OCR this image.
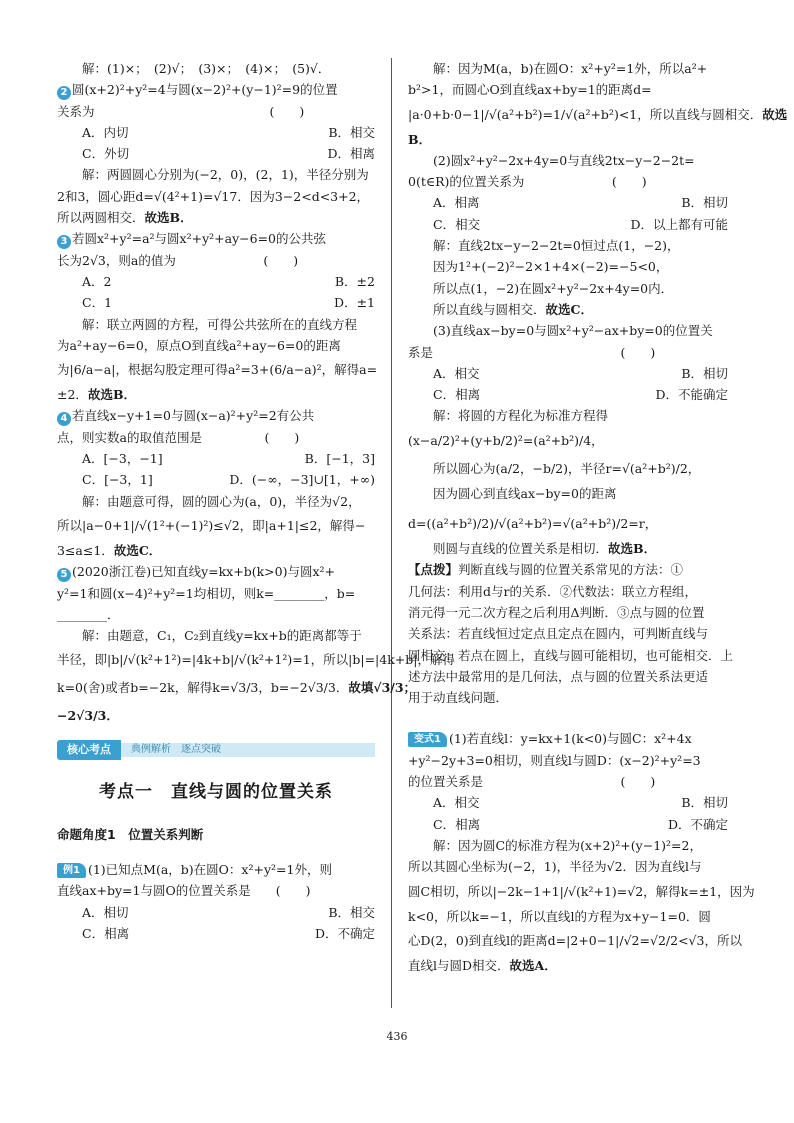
解：(1)×；　(2)√；　(3)×；　(4)×；　(5)√．
2 圆(x+2)²+y²=4与圆(x−2)²+(y−1)²=9的位置
关系为　　　　　　　　　　　　　　(　　)
A．内切	B．相交
C．外切	D．相离
解：两圆圆心分别为(−2，0)，(2，1)，半径分别为
2和3，圆心距d=√(4²+1)=√17．因为3−2<d<3+2，
所以两圆相交．故选B．
3 若圆x²+y²=a²与圆x²+y²+ay−6=0的公共弦
长为2√3，则a的值为　　　　　　　(　　)
A．2	B．±2
C．1	D．±1
解：联立两圆的方程，可得公共弦所在的直线方程
为a²+ay−6=0，原点O到直线a²+ay−6=0的距离
为|6/a−a|，根据勾股定理可得a²=3+(6/a−a)²，解得a=
±2．故选B．
4 若直线x−y+1=0与圆(x−a)²+y²=2有公共
点，则实数a的取值范围是　　　　　(　　)
A．[−3，−1]	B．[−1，3]
C．[−3，1]	D．(−∞，−3]∪[1，+∞)
解：由题意可得，圆的圆心为(a，0)，半径为√2，
所以|a−0+1|/√(1²+(−1)²)≤√2，即|a+1|≤2，解得−
3≤a≤1．故选C．
5 (2020浙江卷)已知直线y=kx+b(k>0)与圆x²+
y²=1和圆(x−4)²+y²=1均相切，则k=________，b=
________．
解：由题意，C₁，C₂到直线y=kx+b的距离都等于
半径，即|b|/√(k²+1²)=|4k+b|/√(k²+1²)=1，所以|b|=|4k+b|，解得
k=0(舍)或者b=−2k，解得k=√3/3，b=−2√3/3．故填√3/3；
−2√3/3．
核心考点	典例解析　逐点突破
考点一　直线与圆的位置关系
命题角度1　位置关系判断
例1 (1)已知点M(a，b)在圆O：x²+y²=1外，则
直线ax+by=1与圆O的位置关系是　　(　　)
A．相切	B．相交
C．相离	D．不确定
解：因为M(a，b)在圆O：x²+y²=1外，所以a²+
b²>1，而圆心O到直线ax+by=1的距离d=
|a·0+b·0−1|/√(a²+b²)=1/√(a²+b²)<1，所以直线与圆相交．故选
B．
(2)圆x²+y²−2x+4y=0与直线2tx−y−2−2t=
0(t∈R)的位置关系为　　　　　　　(　　)
A．相离	B．相切
C．相交	D．以上都有可能
解：直线2tx−y−2−2t=0恒过点(1，−2)，
因为1²+(−2)²−2×1+4×(−2)=−5<0，
所以点(1，−2)在圆x²+y²−2x+4y=0内．
所以直线与圆相交．故选C．
(3)直线ax−by=0与圆x²+y²−ax+by=0的位置关
系是　　　　　　　　　　　　　　　(　　)
A．相交	B．相切
C．相离	D．不能确定
解：将圆的方程化为标准方程得
(x−a/2)²+(y+b/2)²=(a²+b²)/4，
所以圆心为(a/2，−b/2)，半径r=√(a²+b²)/2，
因为圆心到直线ax−by=0的距离
d=((a²+b²)/2)/√(a²+b²)=√(a²+b²)/2=r，
则圆与直线的位置关系是相切．故选B．
【点拨】判断直线与圆的位置关系常见的方法：①
几何法：利用d与r的关系．②代数法：联立方程组，
消元得一元二次方程之后利用Δ判断．③点与圆的位置
关系法：若直线恒过定点且定点在圆内，可判断直线与
圆相交；若点在圆上，直线与圆可能相切，也可能相交．上
述方法中最常用的是几何法，点与圆的位置关系法更适
用于动直线问题．
变式1 (1)若直线l：y=kx+1(k<0)与圆C：x²+4x
+y²−2y+3=0相切，则直线l与圆D：(x−2)²+y²=3
的位置关系是　　　　　　　　　　　(　　)
A．相交	B．相切
C．相离	D．不确定
解：因为圆C的标准方程为(x+2)²+(y−1)²=2，
所以其圆心坐标为(−2，1)，半径为√2．因为直线l与
圆C相切，所以|−2k−1+1|/√(k²+1)=√2，解得k=±1，因为
k<0，所以k=−1，所以直线l的方程为x+y−1=0．圆
心D(2，0)到直线l的距离d=|2+0−1|/√2=√2/2<√3，所以
直线l与圆D相交．故选A．
436
